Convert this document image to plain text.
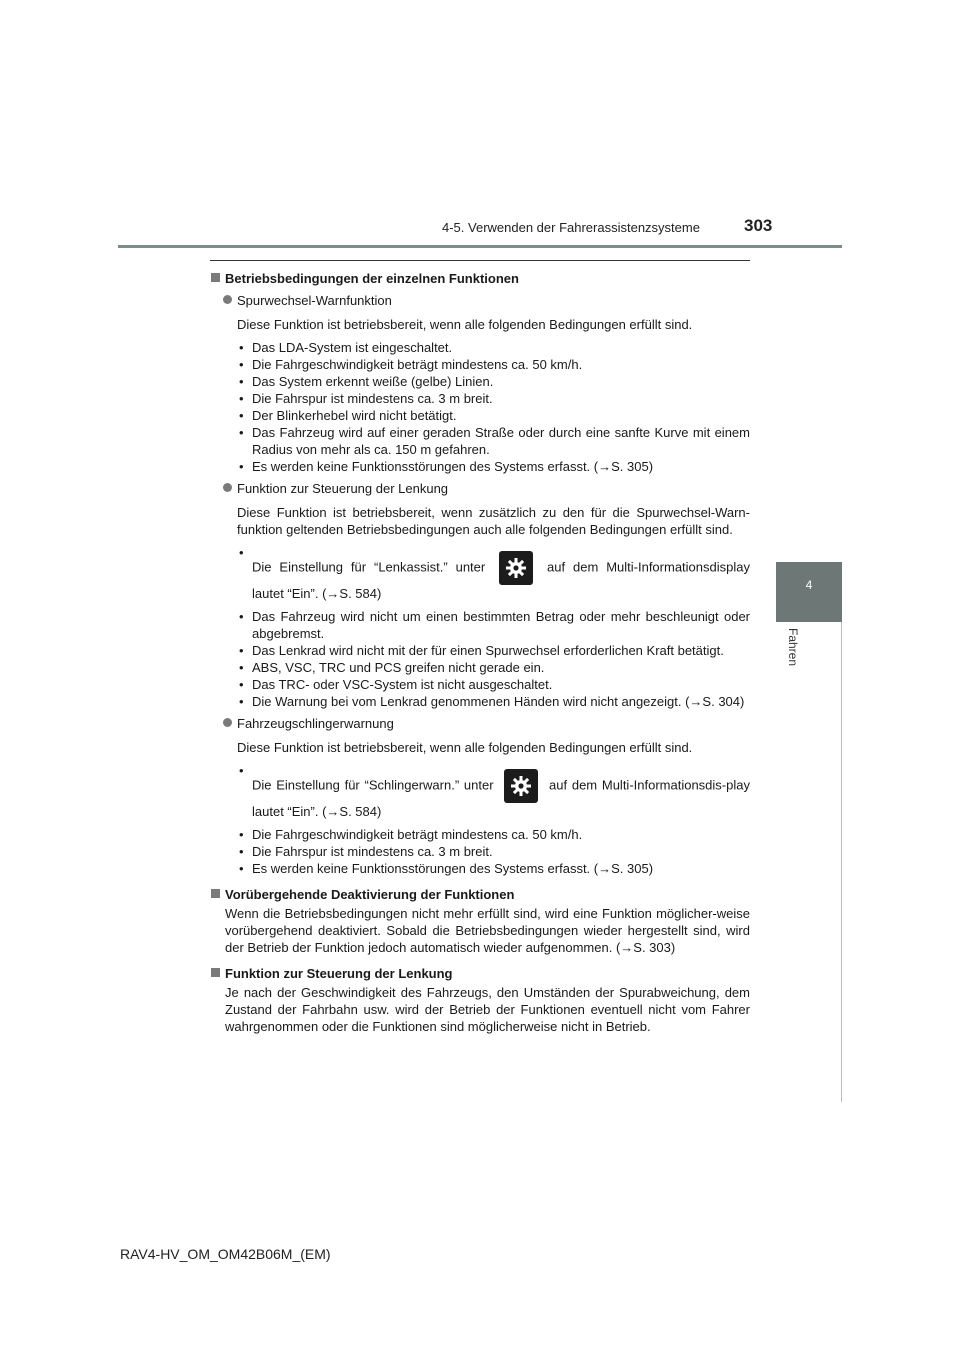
4-5. Verwenden der Fahrerassistenzsysteme	303
4
Fahren
Betriebsbedingungen der einzelnen Funktionen
Spurwechsel-Warnfunktion
Diese Funktion ist betriebsbereit, wenn alle folgenden Bedingungen erfüllt sind.
• Das LDA-System ist eingeschaltet.
• Die Fahrgeschwindigkeit beträgt mindestens ca. 50 km/h.
• Das System erkennt weiße (gelbe) Linien.
• Die Fahrspur ist mindestens ca. 3 m breit.
• Der Blinkerhebel wird nicht betätigt.
• Das Fahrzeug wird auf einer geraden Straße oder durch eine sanfte Kurve mit einem Radius von mehr als ca. 150 m gefahren.
• Es werden keine Funktionsstörungen des Systems erfasst. (→S. 305)
Funktion zur Steuerung der Lenkung
Diese Funktion ist betriebsbereit, wenn zusätzlich zu den für die Spurwechsel-Warn-funktion geltenden Betriebsbedingungen auch alle folgenden Bedingungen erfüllt sind.
• Die Einstellung für “Lenkassist.” unter	auf dem Multi-Informationsdisplay lautet “Ein”. (→S. 584)
• Das Fahrzeug wird nicht um einen bestimmten Betrag oder mehr beschleunigt oder abgebremst.
• Das Lenkrad wird nicht mit der für einen Spurwechsel erforderlichen Kraft betätigt.
• ABS, VSC, TRC und PCS greifen nicht gerade ein.
• Das TRC- oder VSC-System ist nicht ausgeschaltet.
• Die Warnung bei vom Lenkrad genommenen Händen wird nicht angezeigt. (→S. 304)
Fahrzeugschlingerwarnung
Diese Funktion ist betriebsbereit, wenn alle folgenden Bedingungen erfüllt sind.
• Die Einstellung für “Schlingerwarn.” unter	auf dem Multi-Informationsdis-play lautet “Ein”. (→S. 584)
• Die Fahrgeschwindigkeit beträgt mindestens ca. 50 km/h.
• Die Fahrspur ist mindestens ca. 3 m breit.
• Es werden keine Funktionsstörungen des Systems erfasst. (→S. 305)
Vorübergehende Deaktivierung der Funktionen
Wenn die Betriebsbedingungen nicht mehr erfüllt sind, wird eine Funktion möglicher-weise vorübergehend deaktiviert. Sobald die Betriebsbedingungen wieder hergestellt sind, wird der Betrieb der Funktion jedoch automatisch wieder aufgenommen. (→S. 303)
Funktion zur Steuerung der Lenkung
Je nach der Geschwindigkeit des Fahrzeugs, den Umständen der Spurabweichung, dem Zustand der Fahrbahn usw. wird der Betrieb der Funktionen eventuell nicht vom Fahrer wahrgenommen oder die Funktionen sind möglicherweise nicht in Betrieb.
RAV4-HV_OM_OM42B06M_(EM)
